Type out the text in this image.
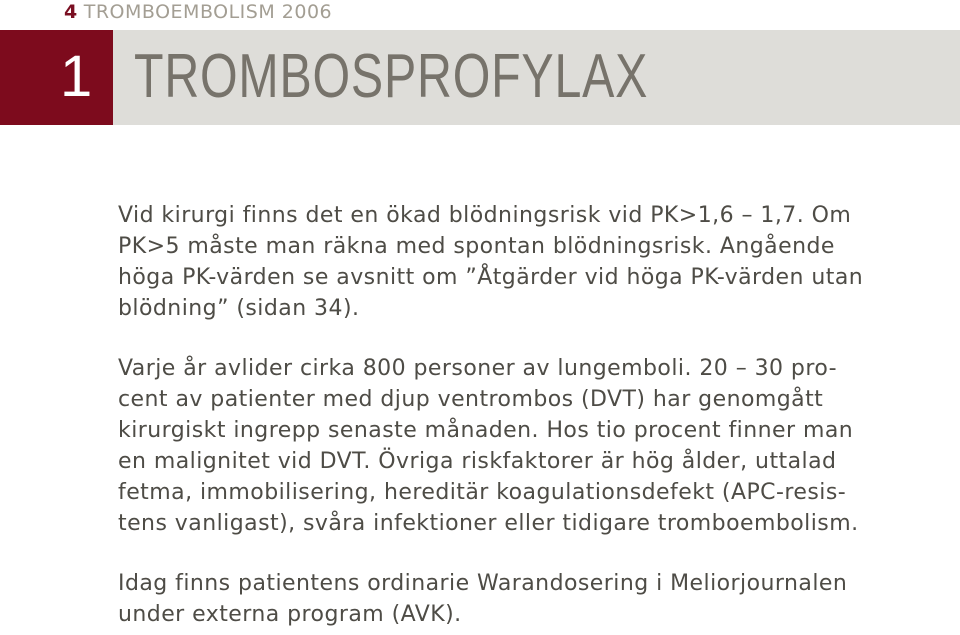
4 TROMBOEMBOLISM 2006
1 TROMBOSPROFYLAX

Vid kirurgi finns det en ökad blödningsrisk vid PK>1,6 – 1,7. Om
PK>5 måste man räkna med spontan blödningsrisk. Angående
höga PK-värden se avsnitt om ”Åtgärder vid höga PK-värden utan
blödning” (sidan 34).

Varje år avlider cirka 800 personer av lungemboli. 20 – 30 pro-
cent av patienter med djup ventrombos (DVT) har genomgått
kirurgiskt ingrepp senaste månaden. Hos tio procent finner man
en malignitet vid DVT. Övriga riskfaktorer är hög ålder, uttalad
fetma, immobilisering, hereditär koagulationsdefekt (APC-resis-
tens vanligast), svåra infektioner eller tidigare tromboembolism.

Idag finns patientens ordinarie Warandosering i Meliorjournalen
under externa program (AVK).
